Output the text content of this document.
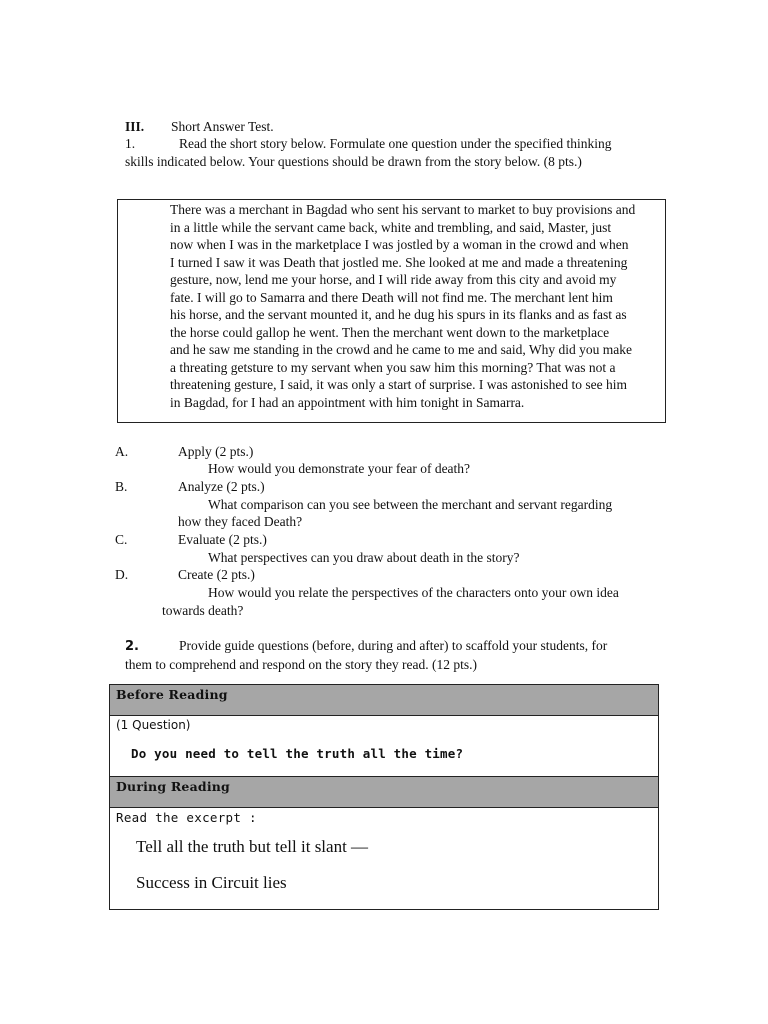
III. Short Answer Test.
1.	Read the short story below. Formulate one question under the specified thinking
skills indicated below. Your questions should be drawn from the story below. (8 pts.)
There was a merchant in Bagdad who sent his servant to market to buy provisions and
in a little while the servant came back, white and trembling, and said, Master, just
now when I was in the marketplace I was jostled by a woman in the crowd and when
I turned I saw it was Death that jostled me. She looked at me and made a threatening
gesture, now, lend me your horse, and I will ride away from this city and avoid my
fate. I will go to Samarra and there Death will not find me. The merchant lent him
his horse, and the servant mounted it, and he dug his spurs in its flanks and as fast as
the horse could gallop he went. Then the merchant went down to the marketplace
and he saw me standing in the crowd and he came to me and said, Why did you make
a threating getsture to my servant when you saw him this morning? That was not a
threatening gesture, I said, it was only a start of surprise. I was astonished to see him
in Bagdad, for I had an appointment with him tonight in Samarra.
A.	Apply (2 pts.)
How would you demonstrate your fear of death?
B.	Analyze (2 pts.)
What comparison can you see between the merchant and servant regarding
how they faced Death?
C.	Evaluate (2 pts.)
What perspectives can you draw about death in the story?
D.	Create (2 pts.)
How would you relate the perspectives of the characters onto your own idea
towards death?
2.	Provide guide questions (before, during and after) to scaffold your students, for
them to comprehend and respond on the story they read. (12 pts.)
Before Reading
(1 Question)
Do you need to tell the truth all the time?
During Reading
Read the excerpt :
Tell all the truth but tell it slant —
Success in Circuit lies
